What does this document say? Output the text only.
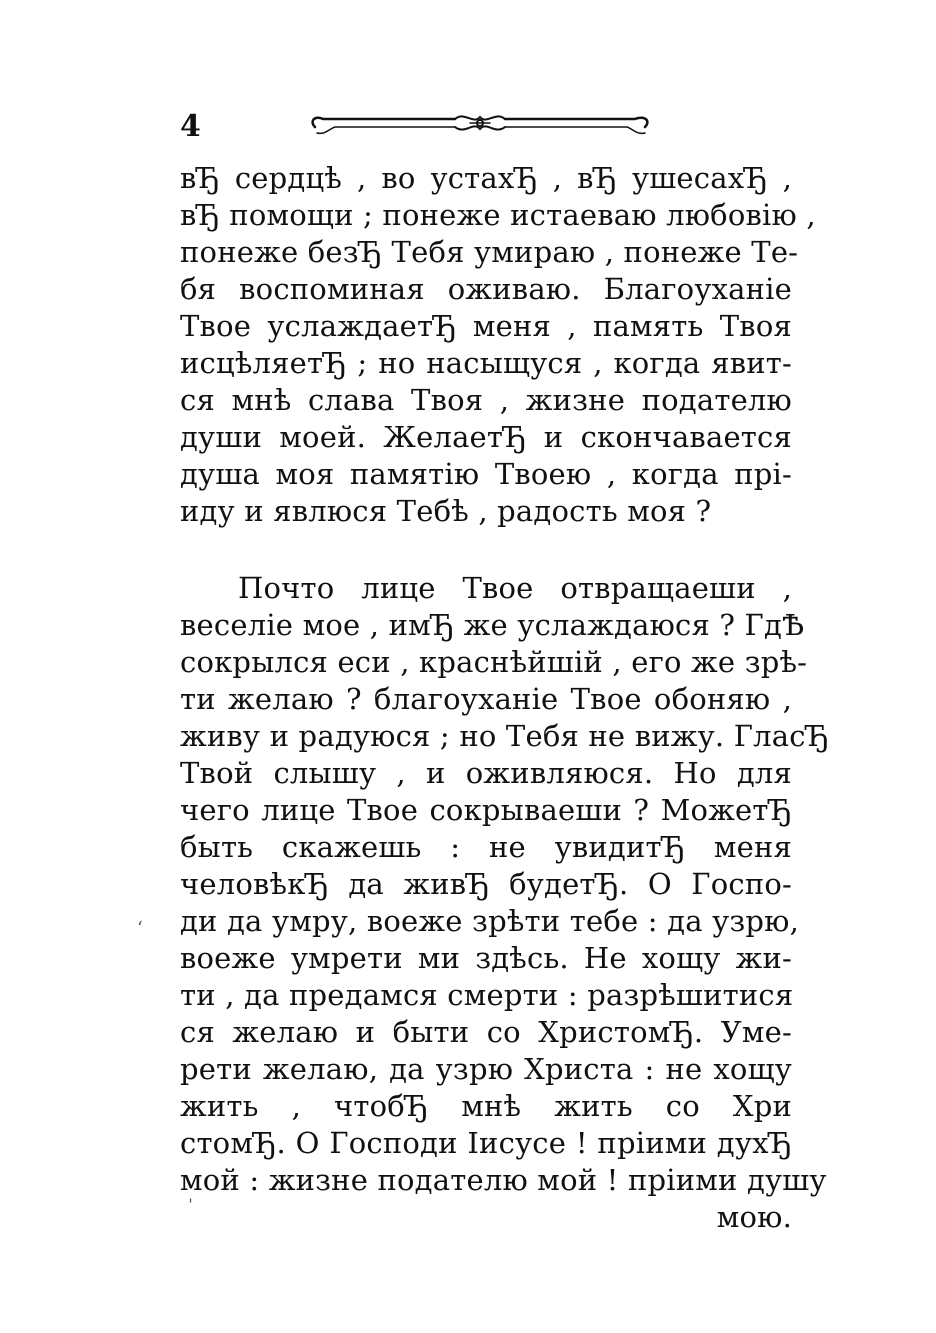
4
вЂ сердцѣ , во устахЂ , вЂ ушесахЂ ,
вЂ помощи ; понеже истаеваю любовію ,
понеже безЂ Тебя умираю , понеже Те-
бя воспоминая оживаю. Благоуханіе
Твое услаждаетЂ меня , память Твоя
исцѣляетЂ ; но насыщуся , когда явит-
ся мнѣ слава Твоя , жизне подателю
души моей. ЖелаетЂ и скончавается
душа моя памятію Твоею , когда прі-
иду и явлюся Тебѣ , радость моя ?
Почто лице Твое отвращаеши ,
веселіе мое , имЂ же услаждаюся ? ГдѢ
сокрылся еси , краснѣйшій , его же зрѣ-
ти желаю ? благоуханіе Твое обоняю ,
живу и радуюся ; но Тебя не вижу. ГласЂ
Твой слышу , и оживляюся. Но для
чего лице Твое сокрываеши ? МожетЂ
быть скажешь : не увидитЂ меня
человѣкЂ да живЂ будетЂ. О Госпо-
ди да умру, воеже зрѣти тебе : да узрю,
воеже умрети ми здѣсь. Не хощу жи-
ти , да предамся смерти : разрѣшитися
ся желаю и быти со ХристомЂ. Уме-
рети желаю, да узрю Христа : не хощу
жить , чтобЂ мнѣ жить со Хри
стомЂ. О Господи Іисусе ! пріими духЂ
мой : жизне подателю мой ! пріими душу
мою.
‘
ˈ
